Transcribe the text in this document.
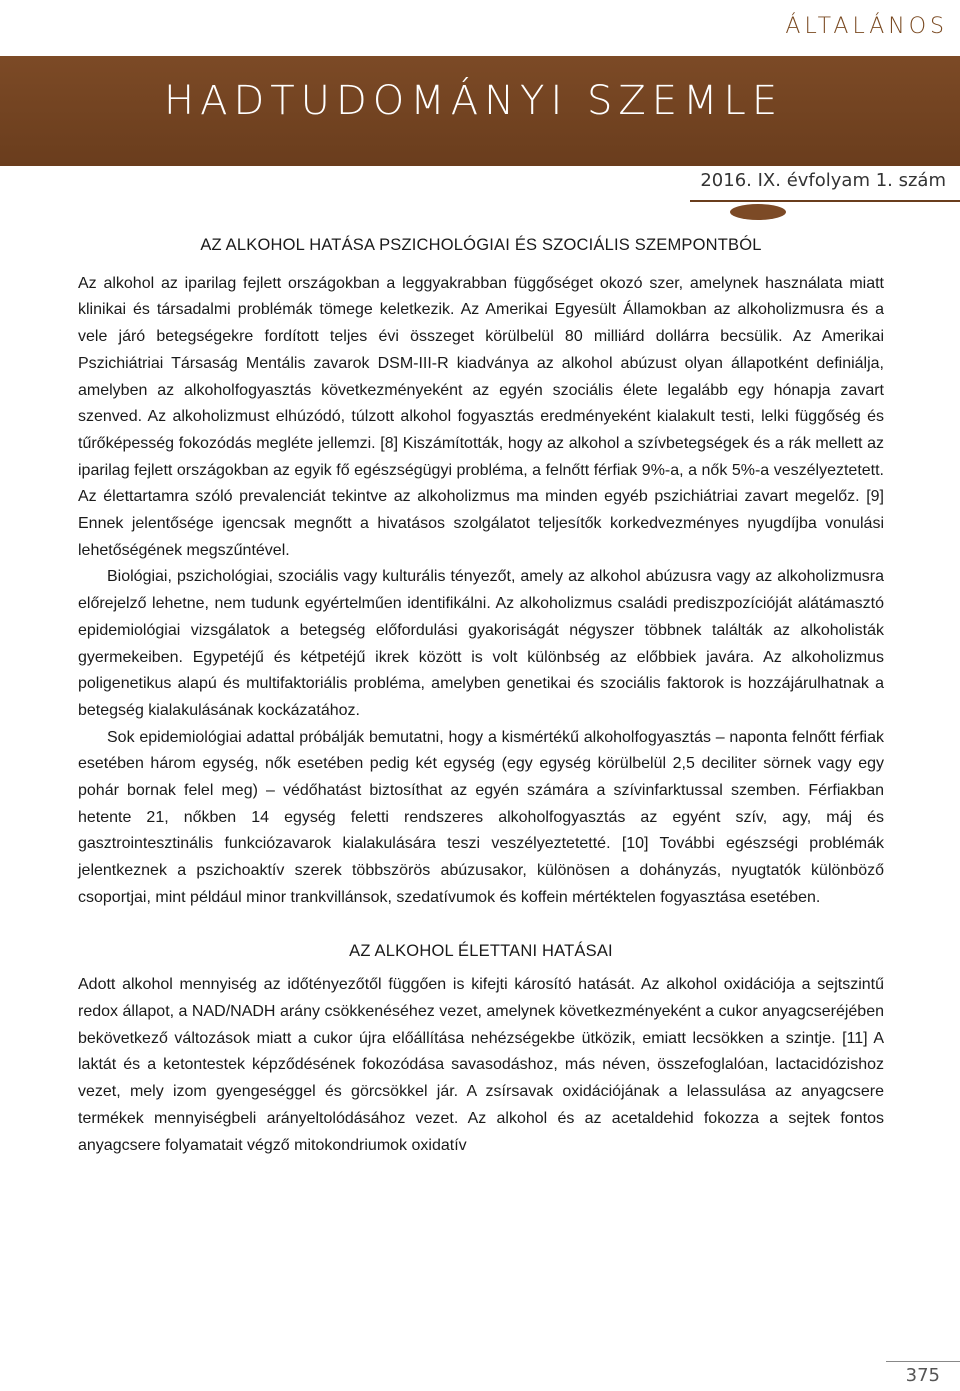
ÁLTALÁNOS
HADTUDOMÁNYI SZEMLE
2016. IX. évfolyam 1. szám
AZ ALKOHOL HATÁSA PSZICHOLÓGIAI ÉS SZOCIÁLIS SZEMPONTBÓL

Az alkohol az iparilag fejlett országokban a leggyakrabban függőséget okozó szer, amelynek használata miatt klinikai és társadalmi problémák tömege keletkezik. Az Amerikai Egyesült Államokban az alkoholizmusra és a vele járó betegségekre fordított teljes évi összeget körülbelül 80 milliárd dollárra becsülik. Az Amerikai Pszichiátriai Társaság Mentális zavarok DSM-III-R kiadványa az alkohol abúzust olyan állapotként definiálja, amelyben az alkoholfogyasztás következményeként az egyén szociális élete legalább egy hónapja zavart szenved. Az alkoholizmust elhúzódó, túlzott alkohol fogyasztás eredményeként kialakult testi, lelki függőség és tűrőképesség fokozódás megléte jellemzi. [8] Kiszámították, hogy az alkohol a szívbetegségek és a rák mellett az iparilag fejlett országokban az egyik fő egészségügyi probléma, a felnőtt férfiak 9%-a, a nők 5%-a veszélyeztetett. Az élettartamra szóló prevalenciát tekintve az alkoholizmus ma minden egyéb pszichiátriai zavart megelőz. [9] Ennek jelentősége igencsak megnőtt a hivatásos szolgálatot teljesítők korkedvezményes nyugdíjba vonulási lehetőségének megszűntével.

Biológiai, pszichológiai, szociális vagy kulturális tényezőt, amely az alkohol abúzusra vagy az alkoholizmusra előrejelző lehetne, nem tudunk egyértelműen identifikálni. Az alkoholizmus családi prediszpozícióját alátámasztó epidemiológiai vizsgálatok a betegség előfordulási gyakoriságát négyszer többnek találták az alkoholisták gyermekeiben. Egypetéjű és kétpetéjű ikrek között is volt különbség az előbbiek javára. Az alkoholizmus poligenetikus alapú és multifaktoriális probléma, amelyben genetikai és szociális faktorok is hozzájárulhatnak a betegség kialakulásának kockázatához.

Sok epidemiológiai adattal próbálják bemutatni, hogy a kismértékű alkoholfogyasztás – naponta felnőtt férfiak esetében három egység, nők esetében pedig két egység (egy egység körülbelül 2,5 deciliter sörnek vagy egy pohár bornak felel meg) – védőhatást biztosíthat az egyén számára a szívinfarktussal szemben. Férfiakban hetente 21, nőkben 14 egység feletti rendszeres alkoholfogyasztás az egyént szív, agy, máj és gasztrointesztinális funkciózavarok kialakulására teszi veszélyeztetetté. [10] További egészségi problémák jelentkeznek a pszichoaktív szerek többszörös abúzusakor, különösen a dohányzás, nyugtatók különböző csoportjai, mint például minor trankvillánsok, szedatívumok és koffein mértéktelen fogyasztása esetében.

AZ ALKOHOL ÉLETTANI HATÁSAI

Adott alkohol mennyiség az időtényezőtől függően is kifejti károsító hatását. Az alkohol oxidációja a sejtszintű redox állapot, a NAD/NADH arány csökkenéséhez vezet, amelynek következményeként a cukor anyagcseréjében bekövetkező változások miatt a cukor újra előállítása nehézségekbe ütközik, emiatt lecsökken a szintje. [11] A laktát és a ketontestek képződésének fokozódása savasodáshoz, más néven, összefoglalóan, lactacidózishoz vezet, mely izom gyengeséggel és görcsökkel jár. A zsírsavak oxidációjának a lelassulása az anyagcsere termékek mennyiségbeli arányeltolódásához vezet. Az alkohol és az acetaldehid fokozza a sejtek fontos anyagcsere folyamatait végző mitokondriumok oxidatív

375
